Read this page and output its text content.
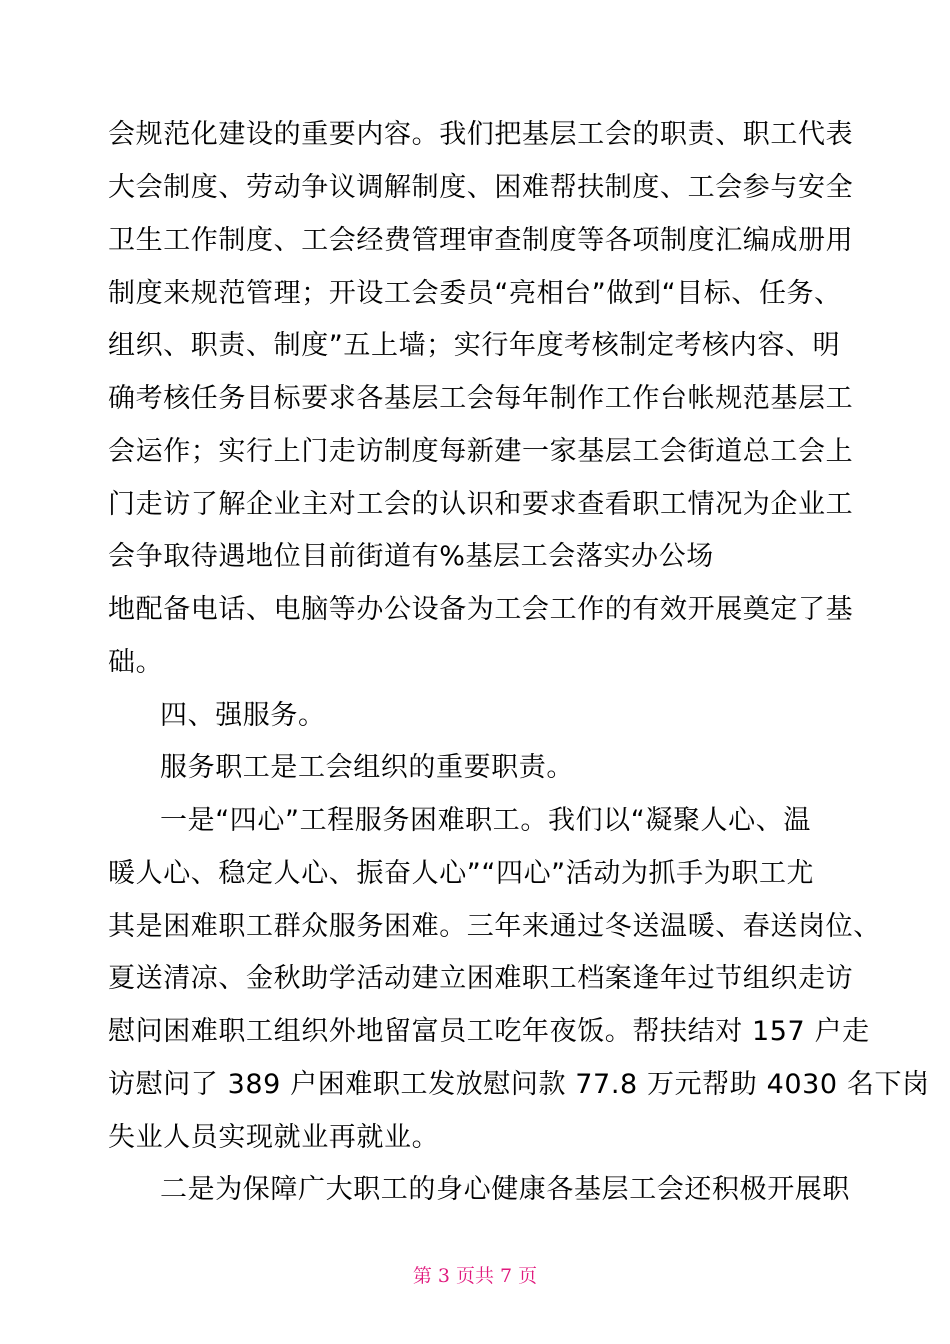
会规范化建设的重要内容。我们把基层工会的职责、职工代表
大会制度、劳动争议调解制度、困难帮扶制度、工会参与安全
卫生工作制度、工会经费管理审查制度等各项制度汇编成册用
制度来规范管理；开设工会委员“亮相台”做到“目标、任务、
组织、职责、制度”五上墙；实行年度考核制定考核内容、明
确考核任务目标要求各基层工会每年制作工作台帐规范基层工
会运作；实行上门走访制度每新建一家基层工会街道总工会上
门走访了解企业主对工会的认识和要求查看职工情况为企业工
会争取待遇地位目前街道有%基层工会落实办公场
地配备电话、电脑等办公设备为工会工作的有效开展奠定了基
础。
四、强服务。
服务职工是工会组织的重要职责。
一是“四心”工程服务困难职工。我们以“凝聚人心、温
暖人心、稳定人心、振奋人心”“四心”活动为抓手为职工尤
其是困难职工群众服务困难。三年来通过冬送温暖、春送岗位、
夏送清凉、金秋助学活动建立困难职工档案逢年过节组织走访
慰问困难职工组织外地留富员工吃年夜饭。帮扶结对 157 户走
访慰问了 389 户困难职工发放慰问款 77.8 万元帮助 4030 名下岗
失业人员实现就业再就业。
二是为保障广大职工的身心健康各基层工会还积极开展职
第 3 页共 7 页
